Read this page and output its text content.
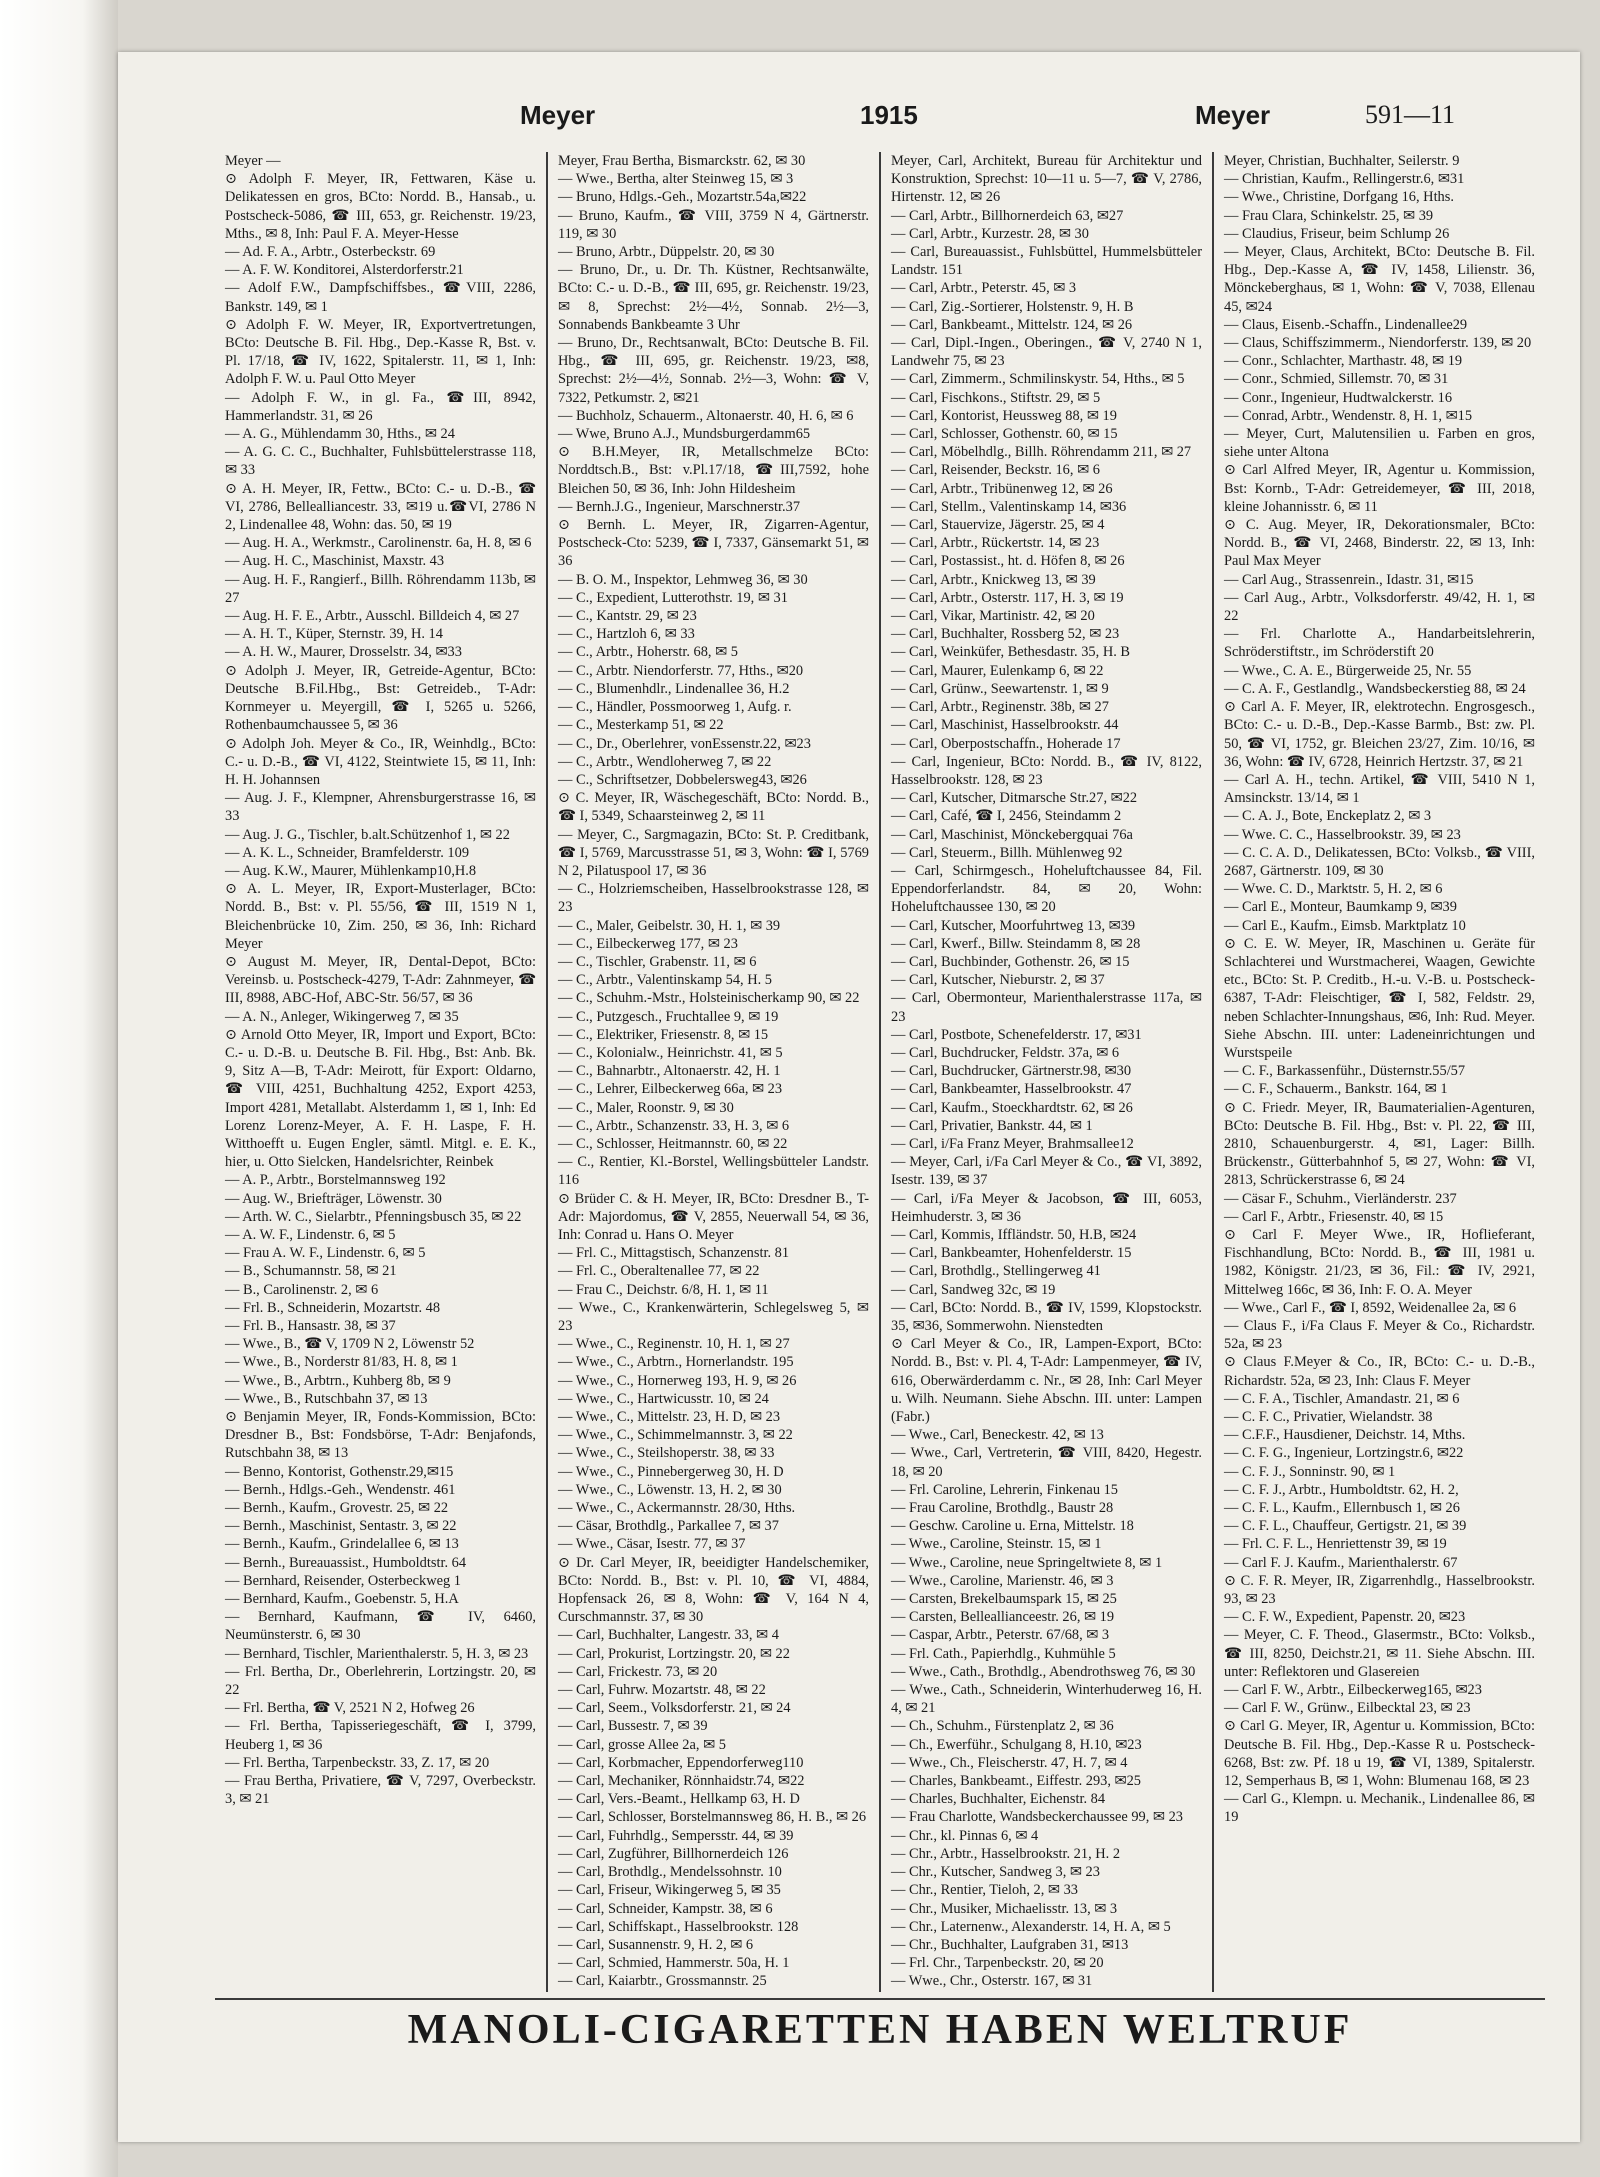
Meyer	1915	Meyer	591—11
Meyer —
⊙ Adolph F. Meyer, IR, Fettwaren, Käse u. Delikatessen en gros, BCto: Nordd. B., Hansab., u. Postscheck-5086, ☎ III, 653, gr. Reichenstr. 19/23, Mths., ✉ 8, Inh: Paul F. A. Meyer-Hesse
— Ad. F. A., Arbtr., Osterbeckstr. 69
— A. F. W. Konditorei, Alsterdorferstr.21
— Adolf F.W., Dampfschiffsbes., ☎VIII, 2286, Bankstr. 149, ✉ 1
⊙ Adolph F. W. Meyer, IR, Exportvertretungen, BCto: Deutsche B. Fil. Hbg., Dep.-Kasse R, Bst. v. Pl. 17/18, ☎ IV, 1622, Spitalerstr. 11, ✉ 1, Inh: Adolph F. W. u. Paul Otto Meyer
— Adolph F. W., in gl. Fa., ☎III, 8942, Hammerlandstr. 31, ✉ 26
— A. G., Mühlendamm 30, Hths., ✉ 24
— A. G. C. C., Buchhalter, Fuhlsbüttelerstrasse 118, ✉ 33
⊙ A. H. Meyer, IR, Fettw., BCto: C.- u. D.-B., ☎ VI, 2786, Bellealliancestr. 33, ✉19 u.☎VI, 2786 N 2, Lindenallee 48, Wohn: das. 50, ✉ 19
— Aug. H. A., Werkmstr., Carolinenstr. 6a, H. 8, ✉ 6
— Aug. H. C., Maschinist, Maxstr. 43
— Aug. H. F., Rangierf., Billh. Röhrendamm 113b, ✉ 27
— Aug. H. F. E., Arbtr., Ausschl. Billdeich 4, ✉ 27
— A. H. T., Küper, Sternstr. 39, H. 14
— A. H. W., Maurer, Drosselstr. 34, ✉33
⊙ Adolph J. Meyer, IR, Getreide-Agentur, BCto: Deutsche B.Fil.Hbg., Bst: Getreideb., T-Adr: Kornmeyer u. Meyergill, ☎ I, 5265 u. 5266, Rothenbaumchaussee 5, ✉ 36
⊙ Adolph Joh. Meyer & Co., IR, Weinhdlg., BCto: C.- u. D.-B., ☎ VI, 4122, Steintwiete 15, ✉ 11, Inh: H. H. Johannsen
— Aug. J. F., Klempner, Ahrensburgerstrasse 16, ✉ 33
— Aug. J. G., Tischler, b.alt.Schützenhof 1, ✉ 22
— A. K. L., Schneider, Bramfelderstr. 109
— Aug. K.W., Maurer, Mühlenkamp10,H.8
⊙ A. L. Meyer, IR, Export-Musterlager, BCto: Nordd. B., Bst: v. Pl. 55/56, ☎ III, 1519 N 1, Bleichenbrücke 10, Zim. 250, ✉ 36, Inh: Richard Meyer
⊙ August M. Meyer, IR, Dental-Depot, BCto: Vereinsb. u. Postscheck-4279, T-Adr: Zahnmeyer, ☎ III, 8988, ABC-Hof, ABC-Str. 56/57, ✉ 36
— A. N., Anleger, Wikingerweg 7, ✉ 35
⊙ Arnold Otto Meyer, IR, Import und Export, BCto: C.- u. D.-B. u. Deutsche B. Fil. Hbg., Bst: Anb. Bk. 9, Sitz A—B, T-Adr: Meirott, für Export: Oldarno, ☎ VIII, 4251, Buchhaltung 4252, Export 4253, Import 4281, Metallabt. Alsterdamm 1, ✉ 1, Inh: Ed Lorenz Lorenz-Meyer, A. F. H. Laspe, F. H. Witthoefft u. Eugen Engler, sämtl. Mitgl. e. E. K., hier, u. Otto Sielcken, Handelsrichter, Reinbek
— A. P., Arbtr., Borstelmannsweg 192
— Aug. W., Briefträger, Löwenstr. 30
— Arth. W. C., Sielarbtr., Pfenningsbusch 35, ✉ 22
— A. W. F., Lindenstr. 6, ✉ 5
— Frau A. W. F., Lindenstr. 6, ✉ 5
— B., Schumannstr. 58, ✉ 21
— B., Carolinenstr. 2, ✉ 6
— Frl. B., Schneiderin, Mozartstr. 48
— Frl. B., Hansastr. 38, ✉ 37
— Wwe., B., ☎ V, 1709 N 2, Löwenstr 52
— Wwe., B., Norderstr 81/83, H. 8, ✉ 1
— Wwe., B., Arbtrn., Kuhberg 8b, ✉ 9
— Wwe., B., Rutschbahn 37, ✉ 13
⊙ Benjamin Meyer, IR, Fonds-Kommission, BCto: Dresdner B., Bst: Fondsbörse, T-Adr: Benjafonds, Rutschbahn 38, ✉ 13
— Benno, Kontorist, Gothenstr.29,✉15
— Bernh., Hdlgs.-Geh., Wendenstr. 461
— Bernh., Kaufm., Grovestr. 25, ✉ 22
— Bernh., Maschinist, Sentastr. 3, ✉ 22
— Bernh., Kaufm., Grindelallee 6, ✉ 13
— Bernh., Bureauassist., Humboldtstr. 64
— Bernhard, Reisender, Osterbeckweg 1
— Bernhard, Kaufm., Goebenstr. 5, H.A
— Bernhard, Kaufmann, ☎ IV, 6460, Neumünsterstr. 6, ✉ 30
— Bernhard, Tischler, Marienthalerstr. 5, H. 3, ✉ 23
— Frl. Bertha, Dr., Oberlehrerin, Lortzingstr. 20, ✉ 22
— Frl. Bertha, ☎ V, 2521 N 2, Hofweg 26
— Frl. Bertha, Tapisseriegeschäft, ☎ I, 3799, Heuberg 1, ✉ 36
— Frl. Bertha, Tarpenbeckstr. 33, Z. 17, ✉ 20
— Frau Bertha, Privatiere, ☎ V, 7297, Overbeckstr. 3, ✉ 21
Meyer, Frau Bertha, Bismarckstr. 62, ✉ 30
— Wwe., Bertha, alter Steinweg 15, ✉ 3
— Bruno, Hdlgs.-Geh., Mozartstr.54a,✉22
— Bruno, Kaufm., ☎ VIII, 3759 N 4, Gärtnerstr. 119, ✉ 30
— Bruno, Arbtr., Düppelstr. 20, ✉ 30
— Bruno, Dr., u. Dr. Th. Küstner, Rechtsanwälte, BCto: C.- u. D.-B., ☎ III, 695, gr. Reichenstr. 19/23, ✉ 8, Sprechst: 2½—4½, Sonnab. 2½—3, Sonnabends Bankbeamte 3 Uhr
— Bruno, Dr., Rechtsanwalt, BCto: Deutsche B. Fil. Hbg., ☎ III, 695, gr. Reichenstr. 19/23, ✉8, Sprechst: 2½—4½, Sonnab. 2½—3, Wohn: ☎ V, 7322, Petkumstr. 2, ✉21
— Buchholz, Schauerm., Altonaerstr. 40, H. 6, ✉ 6
— Wwe, Bruno A.J., Mundsburgerdamm65
⊙ B.H.Meyer, IR, Metallschmelze BCto: Norddtsch.B., Bst: v.Pl.17/18, ☎III,7592, hohe Bleichen 50, ✉ 36, Inh: John Hildesheim
— Bernh.J.G., Ingenieur, Marschnerstr.37
⊙ Bernh. L. Meyer, IR, Zigarren-Agentur, Postscheck-Cto: 5239, ☎ I, 7337, Gänsemarkt 51, ✉ 36
— B. O. M., Inspektor, Lehmweg 36, ✉ 30
— C., Expedient, Lutterothstr. 19, ✉ 31
— C., Kantstr. 29, ✉ 23
— C., Hartzloh 6, ✉ 33
— C., Arbtr., Hoherstr. 68, ✉ 5
— C., Arbtr. Niendorferstr. 77, Hths., ✉20
— C., Blumenhdlr., Lindenallee 36, H.2
— C., Händler, Possmoorweg 1, Aufg. r.
— C., Mesterkamp 51, ✉ 22
— C., Dr., Oberlehrer, vonEssenstr.22, ✉23
— C., Arbtr., Wendloherweg 7, ✉ 22
— C., Schriftsetzer, Dobbelersweg43, ✉26
⊙ C. Meyer, IR, Wäschegeschäft, BCto: Nordd. B., ☎ I, 5349, Schaarsteinweg 2, ✉ 11
— Meyer, C., Sargmagazin, BCto: St. P. Creditbank, ☎ I, 5769, Marcusstrasse 51, ✉ 3, Wohn: ☎ I, 5769 N 2, Pilatuspool 17, ✉ 36
— C., Holzriemscheiben, Hasselbrookstrasse 128, ✉ 23
— C., Maler, Geibelstr. 30, H. 1, ✉ 39
— C., Eilbeckerweg 177, ✉ 23
— C., Tischler, Grabenstr. 11, ✉ 6
— C., Arbtr., Valentinskamp 54, H. 5
— C., Schuhm.-Mstr., Holsteinischerkamp 90, ✉ 22
— C., Putzgesch., Fruchtallee 9, ✉ 19
— C., Elektriker, Friesenstr. 8, ✉ 15
— C., Kolonialw., Heinrichstr. 41, ✉ 5
— C., Bahnarbtr., Altonaerstr. 42, H. 1
— C., Lehrer, Eilbeckerweg 66a, ✉ 23
— C., Maler, Roonstr. 9, ✉ 30
— C., Arbtr., Schanzenstr. 33, H. 3, ✉ 6
— C., Schlosser, Heitmannstr. 60, ✉ 22
— C., Rentier, Kl.-Borstel, Wellingsbütteler Landstr. 116
⊙ Brüder C. & H. Meyer, IR, BCto: Dresdner B., T-Adr: Majordomus, ☎ V, 2855, Neuerwall 54, ✉ 36, Inh: Conrad u. Hans O. Meyer
— Frl. C., Mittagstisch, Schanzenstr. 81
— Frl. C., Oberaltenallee 77, ✉ 22
— Frau C., Deichstr. 6/8, H. 1, ✉ 11
— Wwe., C., Krankenwärterin, Schlegelsweg 5, ✉ 23
— Wwe., C., Reginenstr. 10, H. 1, ✉ 27
— Wwe., C., Arbtrn., Hornerlandstr. 195
— Wwe., C., Hornerweg 193, H. 9, ✉ 26
— Wwe., C., Hartwicusstr. 10, ✉ 24
— Wwe., C., Mittelstr. 23, H. D, ✉ 23
— Wwe., C., Schimmelmannstr. 3, ✉ 22
— Wwe., C., Steilshoperstr. 38, ✉ 33
— Wwe., C., Pinnebergerweg 30, H. D
— Wwe., C., Löwenstr. 13, H. 2, ✉ 30
— Wwe., C., Ackermannstr. 28/30, Hths.
— Cäsar, Brothdlg., Parkallee 7, ✉ 37
— Wwe., Cäsar, Isestr. 77, ✉ 37
⊙ Dr. Carl Meyer, IR, beeidigter Handelschemiker, BCto: Nordd. B., Bst: v. Pl. 10, ☎ VI, 4884, Hopfensack 26, ✉ 8, Wohn: ☎ V, 164 N 4, Curschmannstr. 37, ✉ 30
— Carl, Buchhalter, Langestr. 33, ✉ 4
— Carl, Prokurist, Lortzingstr. 20, ✉ 22
— Carl, Frickestr. 73, ✉ 20
— Carl, Fuhrw. Mozartstr. 48, ✉ 22
— Carl, Seem., Volksdorferstr. 21, ✉ 24
— Carl, Bussestr. 7, ✉ 39
— Carl, grosse Allee 2a, ✉ 5
— Carl, Korbmacher, Eppendorferweg110
— Carl, Mechaniker, Rönnhaidstr.74, ✉22
— Carl, Vers.-Beamt., Hellkamp 63, H. D
— Carl, Schlosser, Borstelmannsweg 86, H. B., ✉ 26
— Carl, Fuhrhdlg., Sempersstr. 44, ✉ 39
— Carl, Zugführer, Billhornerdeich 126
— Carl, Brothdlg., Mendelssohnstr. 10
— Carl, Friseur, Wikingerweg 5, ✉ 35
— Carl, Schneider, Kampstr. 38, ✉ 6
— Carl, Schiffskapt., Hasselbrookstr. 128
— Carl, Susannenstr. 9, H. 2, ✉ 6
— Carl, Schmied, Hammerstr. 50a, H. 1
— Carl, Kaiarbtr., Grossmannstr. 25
Meyer, Carl, Architekt, Bureau für Architektur und Konstruktion, Sprechst: 10—11 u. 5—7, ☎ V, 2786, Hirtenstr. 12, ✉ 26
— Carl, Arbtr., Billhornerdeich 63, ✉27
— Carl, Arbtr., Kurzestr. 28, ✉ 30
— Carl, Bureauassist., Fuhlsbüttel, Hummelsbütteler Landstr. 151
— Carl, Arbtr., Peterstr. 45, ✉ 3
— Carl, Zig.-Sortierer, Holstenstr. 9, H. B
— Carl, Bankbeamt., Mittelstr. 124, ✉ 26
— Carl, Dipl.-Ingen., Oberingen., ☎ V, 2740 N 1, Landwehr 75, ✉ 23
— Carl, Zimmerm., Schmilinskystr. 54, Hths., ✉ 5
— Carl, Fischkons., Stiftstr. 29, ✉ 5
— Carl, Kontorist, Heussweg 88, ✉ 19
— Carl, Schlosser, Gothenstr. 60, ✉ 15
— Carl, Möbelhdlg., Billh. Röhrendamm 211, ✉ 27
— Carl, Reisender, Beckstr. 16, ✉ 6
— Carl, Arbtr., Tribünenweg 12, ✉ 26
— Carl, Stellm., Valentinskamp 14, ✉36
— Carl, Stauervize, Jägerstr. 25, ✉ 4
— Carl, Arbtr., Rückertstr. 14, ✉ 23
— Carl, Postassist., ht. d. Höfen 8, ✉ 26
— Carl, Arbtr., Knickweg 13, ✉ 39
— Carl, Arbtr., Osterstr. 117, H. 3, ✉ 19
— Carl, Vikar, Martinistr. 42, ✉ 20
— Carl, Buchhalter, Rossberg 52, ✉ 23
— Carl, Weinküfer, Bethesdastr. 35, H. B
— Carl, Maurer, Eulenkamp 6, ✉ 22
— Carl, Grünw., Seewartenstr. 1, ✉ 9
— Carl, Arbtr., Reginenstr. 38b, ✉ 27
— Carl, Maschinist, Hasselbrookstr. 44
— Carl, Oberpostschaffn., Hoherade 17
— Carl, Ingenieur, BCto: Nordd. B., ☎ IV, 8122, Hasselbrookstr. 128, ✉ 23
— Carl, Kutscher, Ditmarsche Str.27, ✉22
— Carl, Café, ☎ I, 2456, Steindamm 2
— Carl, Maschinist, Mönckebergquai 76a
— Carl, Steuerm., Billh. Mühlenweg 92
— Carl, Schirmgesch., Hoheluftchaussee 84, Fil. Eppendorferlandstr. 84, ✉ 20, Wohn: Hoheluftchaussee 130, ✉ 20
— Carl, Kutscher, Moorfuhrtweg 13, ✉39
— Carl, Kwerf., Billw. Steindamm 8, ✉ 28
— Carl, Buchbinder, Gothenstr. 26, ✉ 15
— Carl, Kutscher, Nieburstr. 2, ✉ 37
— Carl, Obermonteur, Marienthalerstrasse 117a, ✉ 23
— Carl, Postbote, Schenefelderstr. 17, ✉31
— Carl, Buchdrucker, Feldstr. 37a, ✉ 6
— Carl, Buchdrucker, Gärtnerstr.98, ✉30
— Carl, Bankbeamter, Hasselbrookstr. 47
— Carl, Kaufm., Stoeckhardtstr. 62, ✉ 26
— Carl, Privatier, Bankstr. 44, ✉ 1
— Carl, i/Fa Franz Meyer, Brahmsallee12
— Meyer, Carl, i/Fa Carl Meyer & Co., ☎ VI, 3892, Isestr. 139, ✉ 37
— Carl, i/Fa Meyer & Jacobson, ☎ III, 6053, Heimhuderstr. 3, ✉ 36
— Carl, Kommis, Iffländstr. 50, H.B, ✉24
— Carl, Bankbeamter, Hohenfelderstr. 15
— Carl, Brothdlg., Stellingerweg 41
— Carl, Sandweg 32c, ✉ 19
— Carl, BCto: Nordd. B., ☎ IV, 1599, Klopstockstr. 35, ✉36, Sommerwohn. Nienstedten
⊙ Carl Meyer & Co., IR, Lampen-Export, BCto: Nordd. B., Bst: v. Pl. 4, T-Adr: Lampenmeyer, ☎ IV, 616, Oberwärderdamm c. Nr., ✉ 28, Inh: Carl Meyer u. Wilh. Neumann. Siehe Abschn. III. unter: Lampen (Fabr.)
— Wwe., Carl, Beneckestr. 42, ✉ 13
— Wwe., Carl, Vertreterin, ☎ VIII, 8420, Hegestr. 18, ✉ 20
— Frl. Caroline, Lehrerin, Finkenau 15
— Frau Caroline, Brothdlg., Baustr 28
— Geschw. Caroline u. Erna, Mittelstr. 18
— Wwe., Caroline, Steinstr. 15, ✉ 1
— Wwe., Caroline, neue Springeltwiete 8, ✉ 1
— Wwe., Caroline, Marienstr. 46, ✉ 3
— Carsten, Brekelbaumspark 15, ✉ 25
— Carsten, Belleallianceestr. 26, ✉ 19
— Caspar, Arbtr., Peterstr. 67/68, ✉ 3
— Frl. Cath., Papierhdlg., Kuhmühle 5
— Wwe., Cath., Brothdlg., Abendrothsweg 76, ✉ 30
— Wwe., Cath., Schneiderin, Winterhuderweg 16, H. 4, ✉ 21
— Ch., Schuhm., Fürstenplatz 2, ✉ 36
— Ch., Ewerführ., Schulgang 8, H.10, ✉23
— Wwe., Ch., Fleischerstr. 47, H. 7, ✉ 4
— Charles, Bankbeamt., Eiffestr. 293, ✉25
— Charles, Buchhalter, Eichenstr. 84
— Frau Charlotte, Wandsbeckerchaussee 99, ✉ 23
— Chr., kl. Pinnas 6, ✉ 4
— Chr., Arbtr., Hasselbrookstr. 21, H. 2
— Chr., Kutscher, Sandweg 3, ✉ 23
— Chr., Rentier, Tieloh, 2, ✉ 33
— Chr., Musiker, Michaelisstr. 13, ✉ 3
— Chr., Laternenw., Alexanderstr. 14, H. A, ✉ 5
— Chr., Buchhalter, Laufgraben 31, ✉13
— Frl. Chr., Tarpenbeckstr. 20, ✉ 20
— Wwe., Chr., Osterstr. 167, ✉ 31
Meyer, Christian, Buchhalter, Seilerstr. 9
— Christian, Kaufm., Rellingerstr.6, ✉31
— Wwe., Christine, Dorfgang 16, Hths.
— Frau Clara, Schinkelstr. 25, ✉ 39
— Claudius, Friseur, beim Schlump 26
— Meyer, Claus, Architekt, BCto: Deutsche B. Fil. Hbg., Dep.-Kasse A, ☎ IV, 1458, Lilienstr. 36, Mönckeberghaus, ✉ 1, Wohn: ☎ V, 7038, Ellenau 45, ✉24
— Claus, Eisenb.-Schaffn., Lindenallee29
— Claus, Schiffszimmerm., Niendorferstr. 139, ✉ 20
— Conr., Schlachter, Marthastr. 48, ✉ 19
— Conr., Schmied, Sillemstr. 70, ✉ 31
— Conr., Ingenieur, Hudtwalckerstr. 16
— Conrad, Arbtr., Wendenstr. 8, H. 1, ✉15
— Meyer, Curt, Malutensilien u. Farben en gros, siehe unter Altona
⊙ Carl Alfred Meyer, IR, Agentur u. Kommission, Bst: Kornb., T-Adr: Getreidemeyer, ☎ III, 2018, kleine Johannisstr. 6, ✉ 11
⊙ C. Aug. Meyer, IR, Dekorationsmaler, BCto: Nordd. B., ☎ VI, 2468, Binderstr. 22, ✉ 13, Inh: Paul Max Meyer
— Carl Aug., Strassenrein., Idastr. 31, ✉15
— Carl Aug., Arbtr., Volksdorferstr. 49/42, H. 1, ✉ 22
— Frl. Charlotte A., Handarbeitslehrerin, Schröderstiftstr., im Schröderstift 20
— Wwe., C. A. E., Bürgerweide 25, Nr. 55
— C. A. F., Gestlandlg., Wandsbeckerstieg 88, ✉ 24
⊙ Carl A. F. Meyer, IR, elektrotechn. Engrosgesch., BCto: C.- u. D.-B., Dep.-Kasse Barmb., Bst: zw. Pl. 50, ☎ VI, 1752, gr. Bleichen 23/27, Zim. 10/16, ✉ 36, Wohn: ☎ IV, 6728, Heinrich Hertzstr. 37, ✉ 21
— Carl A. H., techn. Artikel, ☎ VIII, 5410 N 1, Amsinckstr. 13/14, ✉ 1
— C. A. J., Bote, Enckeplatz 2, ✉ 3
— Wwe. C. C., Hasselbrookstr. 39, ✉ 23
— C. C. A. D., Delikatessen, BCto: Volksb., ☎ VIII, 2687, Gärtnerstr. 109, ✉ 30
— Wwe. C. D., Marktstr. 5, H. 2, ✉ 6
— Carl E., Monteur, Baumkamp 9, ✉39
— Carl E., Kaufm., Eimsb. Marktplatz 10
⊙ C. E. W. Meyer, IR, Maschinen u. Geräte für Schlachterei und Wurstmacherei, Waagen, Gewichte etc., BCto: St. P. Creditb., H.-u. V.-B. u. Postscheck-6387, T-Adr: Fleischtiger, ☎ I, 582, Feldstr. 29, neben Schlachter-Innungshaus, ✉6, Inh: Rud. Meyer. Siehe Abschn. III. unter: Ladeneinrichtungen und Wurstspeile
— C. F., Barkassenführ., Düsternstr.55/57
— C. F., Schauerm., Bankstr. 164, ✉ 1
⊙ C. Friedr. Meyer, IR, Baumaterialien-Agenturen, BCto: Deutsche B. Fil. Hbg., Bst: v. Pl. 22, ☎ III, 2810, Schauenburgerstr. 4, ✉1, Lager: Billh. Brückenstr., Gütterbahnhof 5, ✉ 27, Wohn: ☎ VI, 2813, Schrückerstrasse 6, ✉ 24
— Cäsar F., Schuhm., Vierländerstr. 237
— Carl F., Arbtr., Friesenstr. 40, ✉ 15
⊙ Carl F. Meyer Wwe., IR, Hoflieferant, Fischhandlung, BCto: Nordd. B., ☎ III, 1981 u. 1982, Königstr. 21/23, ✉ 36, Fil.: ☎ IV, 2921, Mittelweg 166c, ✉ 36, Inh: F. O. A. Meyer
— Wwe., Carl F., ☎ I, 8592, Weidenallee 2a, ✉ 6
— Claus F., i/Fa Claus F. Meyer & Co., Richardstr. 52a, ✉ 23
⊙ Claus F.Meyer & Co., IR, BCto: C.- u. D.-B., Richardstr. 52a, ✉ 23, Inh: Claus F. Meyer
— C. F. A., Tischler, Amandastr. 21, ✉ 6
— C. F. C., Privatier, Wielandstr. 38
— C.F.F., Hausdiener, Deichstr. 14, Mths.
— C. F. G., Ingenieur, Lortzingstr.6, ✉22
— C. F. J., Sonninstr. 90, ✉ 1
— C. F. J., Arbtr., Humboldtstr. 62, H. 2,
— C. F. L., Kaufm., Ellernbusch 1, ✉ 26
— C. F. L., Chauffeur, Gertigstr. 21, ✉ 39
— Frl. C. F. L., Henriettenstr 39, ✉ 19
— Carl F. J. Kaufm., Marienthalerstr. 67
⊙ C. F. R. Meyer, IR, Zigarrenhdlg., Hasselbrookstr. 93, ✉ 23
— C. F. W., Expedient, Papenstr. 20, ✉23
— Meyer, C. F. Theod., Glasermstr., BCto: Volksb., ☎ III, 8250, Deichstr.21, ✉ 11. Siehe Abschn. III. unter: Reflektoren und Glasereien
— Carl F. W., Arbtr., Eilbeckerweg165, ✉23
— Carl F. W., Grünw., Eilbecktal 23, ✉ 23
⊙ Carl G. Meyer, IR, Agentur u. Kommission, BCto: Deutsche B. Fil. Hbg., Dep.-Kasse R u. Postscheck-6268, Bst: zw. Pf. 18 u 19, ☎ VI, 1389, Spitalerstr. 12, Semperhaus B, ✉ 1, Wohn: Blumenau 168, ✉ 23
— Carl G., Klempn. u. Mechanik., Lindenallee 86, ✉ 19
MANOLI-CIGARETTEN HABEN WELTRUF
